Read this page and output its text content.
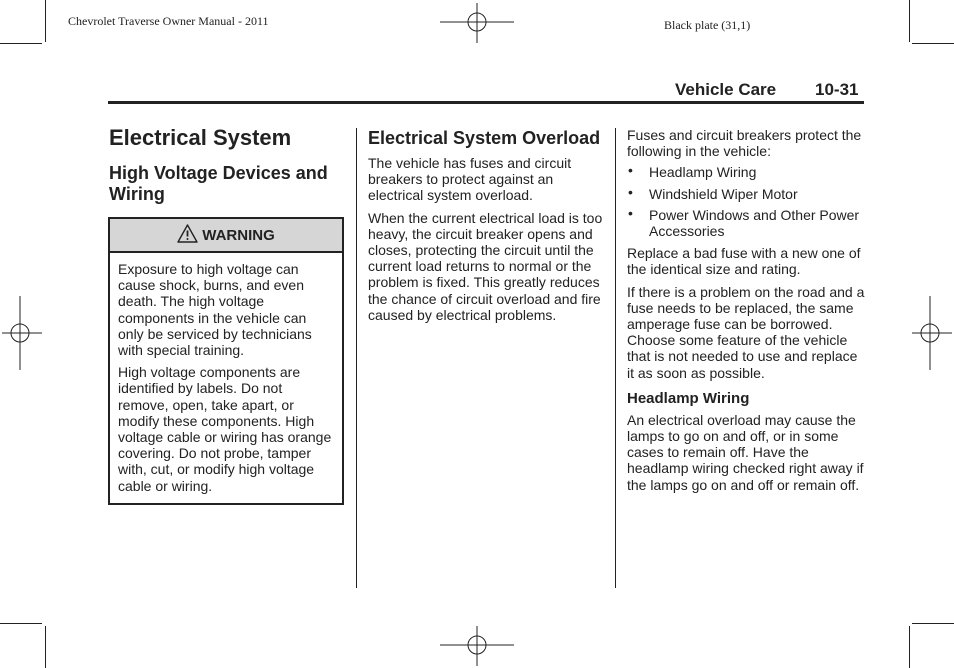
Chevrolet Traverse Owner Manual - 2011	Black plate (31,1)
Vehicle Care 10-31
Electrical System
High Voltage Devices and Wiring
WARNING

Exposure to high voltage can cause shock, burns, and even death. The high voltage components in the vehicle can only be serviced by technicians with special training.

High voltage components are identified by labels. Do not remove, open, take apart, or modify these components. High voltage cable or wiring has orange covering. Do not probe, tamper with, cut, or modify high voltage cable or wiring.

Electrical System Overload

The vehicle has fuses and circuit breakers to protect against an electrical system overload.

When the current electrical load is too heavy, the circuit breaker opens and closes, protecting the circuit until the current load returns to normal or the problem is fixed. This greatly reduces the chance of circuit overload and fire caused by electrical problems.

Fuses and circuit breakers protect the following in the vehicle:

• Headlamp Wiring
• Windshield Wiper Motor
• Power Windows and Other Power Accessories

Replace a bad fuse with a new one of the identical size and rating.

If there is a problem on the road and a fuse needs to be replaced, the same amperage fuse can be borrowed. Choose some feature of the vehicle that is not needed to use and replace it as soon as possible.

Headlamp Wiring

An electrical overload may cause the lamps to go on and off, or in some cases to remain off. Have the headlamp wiring checked right away if the lamps go on and off or remain off.
